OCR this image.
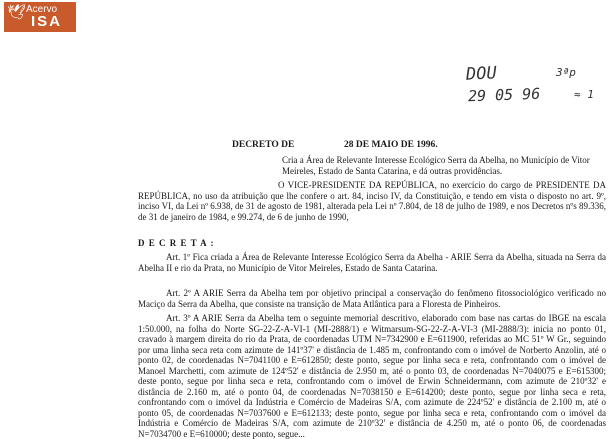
🕊 Acervo
ISA
DOU
29 05 96
3ªp
≈ 1
DECRETO DE	28 DE MAIO DE 1996.
Cria a Área de Relevante Interesse Ecológico Serra da Abelha, no Município de Vitor Meireles, Estado de Santa Catarina, e dá outras providências.
O VICE-PRESIDENTE DA REPÚBLICA, no exercício do cargo de PRESIDENTE DA REPÚBLICA, no uso da atribuição que lhe confere o art. 84, inciso IV, da Constituição, e tendo em vista o disposto no art. 9º, inciso VI, da Lei nº 6.938, de 31 de agosto de 1981, alterada pela Lei nº 7.804, de 18 de julho de 1989, e nos Decretos nºs 89.336, de 31 de janeiro de 1984, e 99.274, de 6 de junho de 1990,
D E C R E T A :
Art. 1º Fica criada a Área de Relevante Interesse Ecológico Serra da Abelha - ARIE Serra da Abelha, situada na Serra da Abelha II e rio da Prata, no Município de Vitor Meireles, Estado de Santa Catarina.
Art. 2º A ARIE Serra da Abelha tem por objetivo principal a conservação do fenômeno fitossociológico verificado no Maciço da Serra da Abelha, que consiste na transição de Mata Atlântica para a Floresta de Pinheiros.
Art. 3º A ARIE Serra da Abelha tem o seguinte memorial descritivo, elaborado com base nas cartas do IBGE na escala 1:50.000, na folha do Norte SG-22-Z-A-VI-1 (MI-2888/1) e Witmarsum-SG-22-Z-A-VI-3 (MI-2888/3): inicia no ponto 01, cravado à margem direita do rio da Prata, de coordenadas UTM N=7342900 e E=611900, referidas ao MC 51º W Gr., seguindo por uma linha seca reta com azimute de 141º37' e distância de 1.485 m, confrontando com o imóvel de Norberto Anzolin, até o ponto 02, de coordenadas N=7041100 e E=612850; deste ponto, segue por linha seca e reta, confrontando com o imóvel de Manoel Marchetti, com azimute de 124º52' e distância de 2.950 m, até o ponto 03, de coordenadas N=7040075 e E=615300; deste ponto, segue por linha seca e reta, confrontando com o imóvel de Erwin Schneidermann, com azimute de 210º32' e distância de 2.160 m, até o ponto 04, de coordenadas N=7038150 e E=614200; deste ponto, segue por linha seca e reta, confrontando com o imóvel da Indústria e Comércio de Madeiras S/A, com azimute de 224º52' e distância de 2.100 m, até o ponto 05, de coordenadas N=7037600 e E=612133; deste ponto, segue por linha seca e reta, confrontando com o imóvel da Indústria e Comércio de Madeiras S/A, com azimute de 210º32' e distância de 4.250 m, até o ponto 06, de coordenadas N=7034700 e E=610000; deste ponto, segue...
